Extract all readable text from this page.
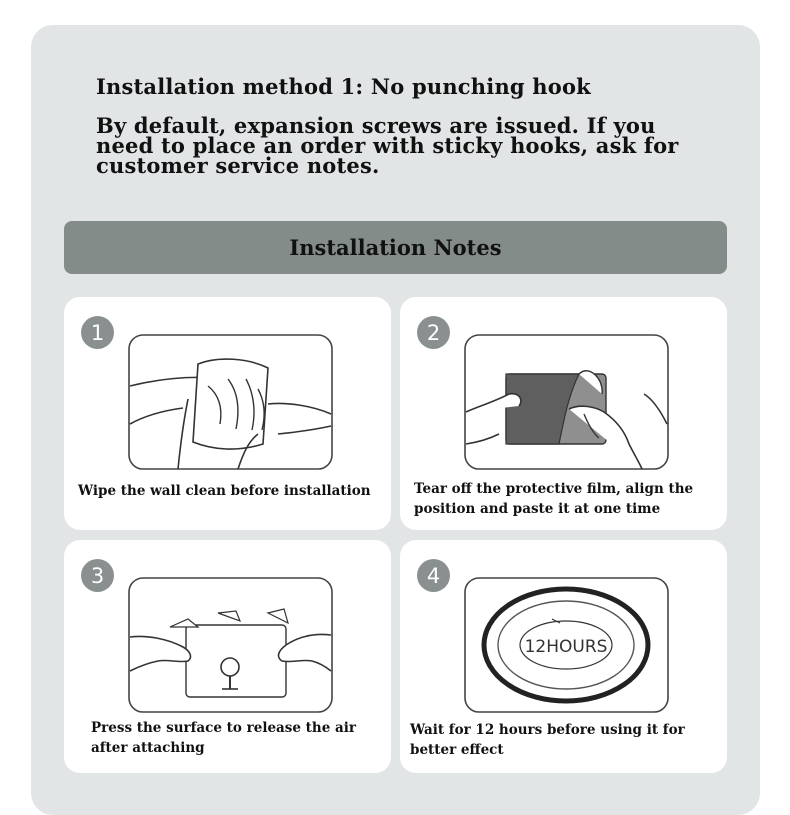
Installation method 1: No punching hook
By default, expansion screws are issued. If you need to place an order with sticky hooks, ask for customer service notes.
Installation Notes
1
Wipe the wall clean before installation
2
Tear off the protective film, align the position and paste it at one time
3
Press the surface to release the air after attaching
4
12HOURS
Wait for 12 hours before using it for better effect
